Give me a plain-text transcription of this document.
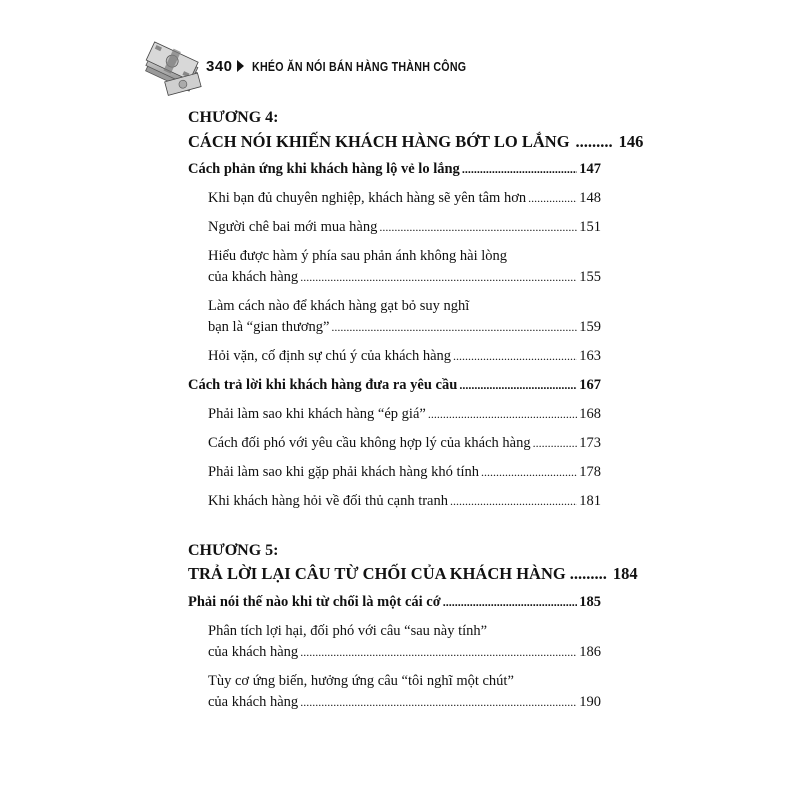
340 KHÉO ĂN NÓI BÁN HÀNG THÀNH CÔNG
CHƯƠNG 4:
CÁCH NÓI KHIẾN KHÁCH HÀNG BỚT LO LẮNG ......... 146
Cách phản ứng khi khách hàng lộ vẻ lo lắng .....	147
Khi bạn đủ chuyên nghiệp, khách hàng sẽ yên tâm hơn .....	148
Người chê bai mới mua hàng .....	151
Hiểu được hàm ý phía sau phản ánh không hài lòng
của khách hàng .....	155
Làm cách nào để khách hàng gạt bỏ suy nghĩ
bạn là “gian thương” .....	159
Hỏi vặn, cố định sự chú ý của khách hàng .....	163
Cách trả lời khi khách hàng đưa ra yêu cầu .....	167
Phải làm sao khi khách hàng “ép giá” .....	168
Cách đối phó với yêu cầu không hợp lý của khách hàng .....	173
Phải làm sao khi gặp phải khách hàng khó tính .....	178
Khi khách hàng hỏi về đối thủ cạnh tranh .....	181
CHƯƠNG 5:
TRẢ LỜI LẠI CÂU TỪ CHỐI CỦA KHÁCH HÀNG ......... 184
Phải nói thế nào khi từ chối là một cái cớ .....	185
Phân tích lợi hại, đối phó với câu “sau này tính”
của khách hàng .....	186
Tùy cơ ứng biến, hưởng ứng câu “tôi nghĩ một chút”
của khách hàng .....	190
